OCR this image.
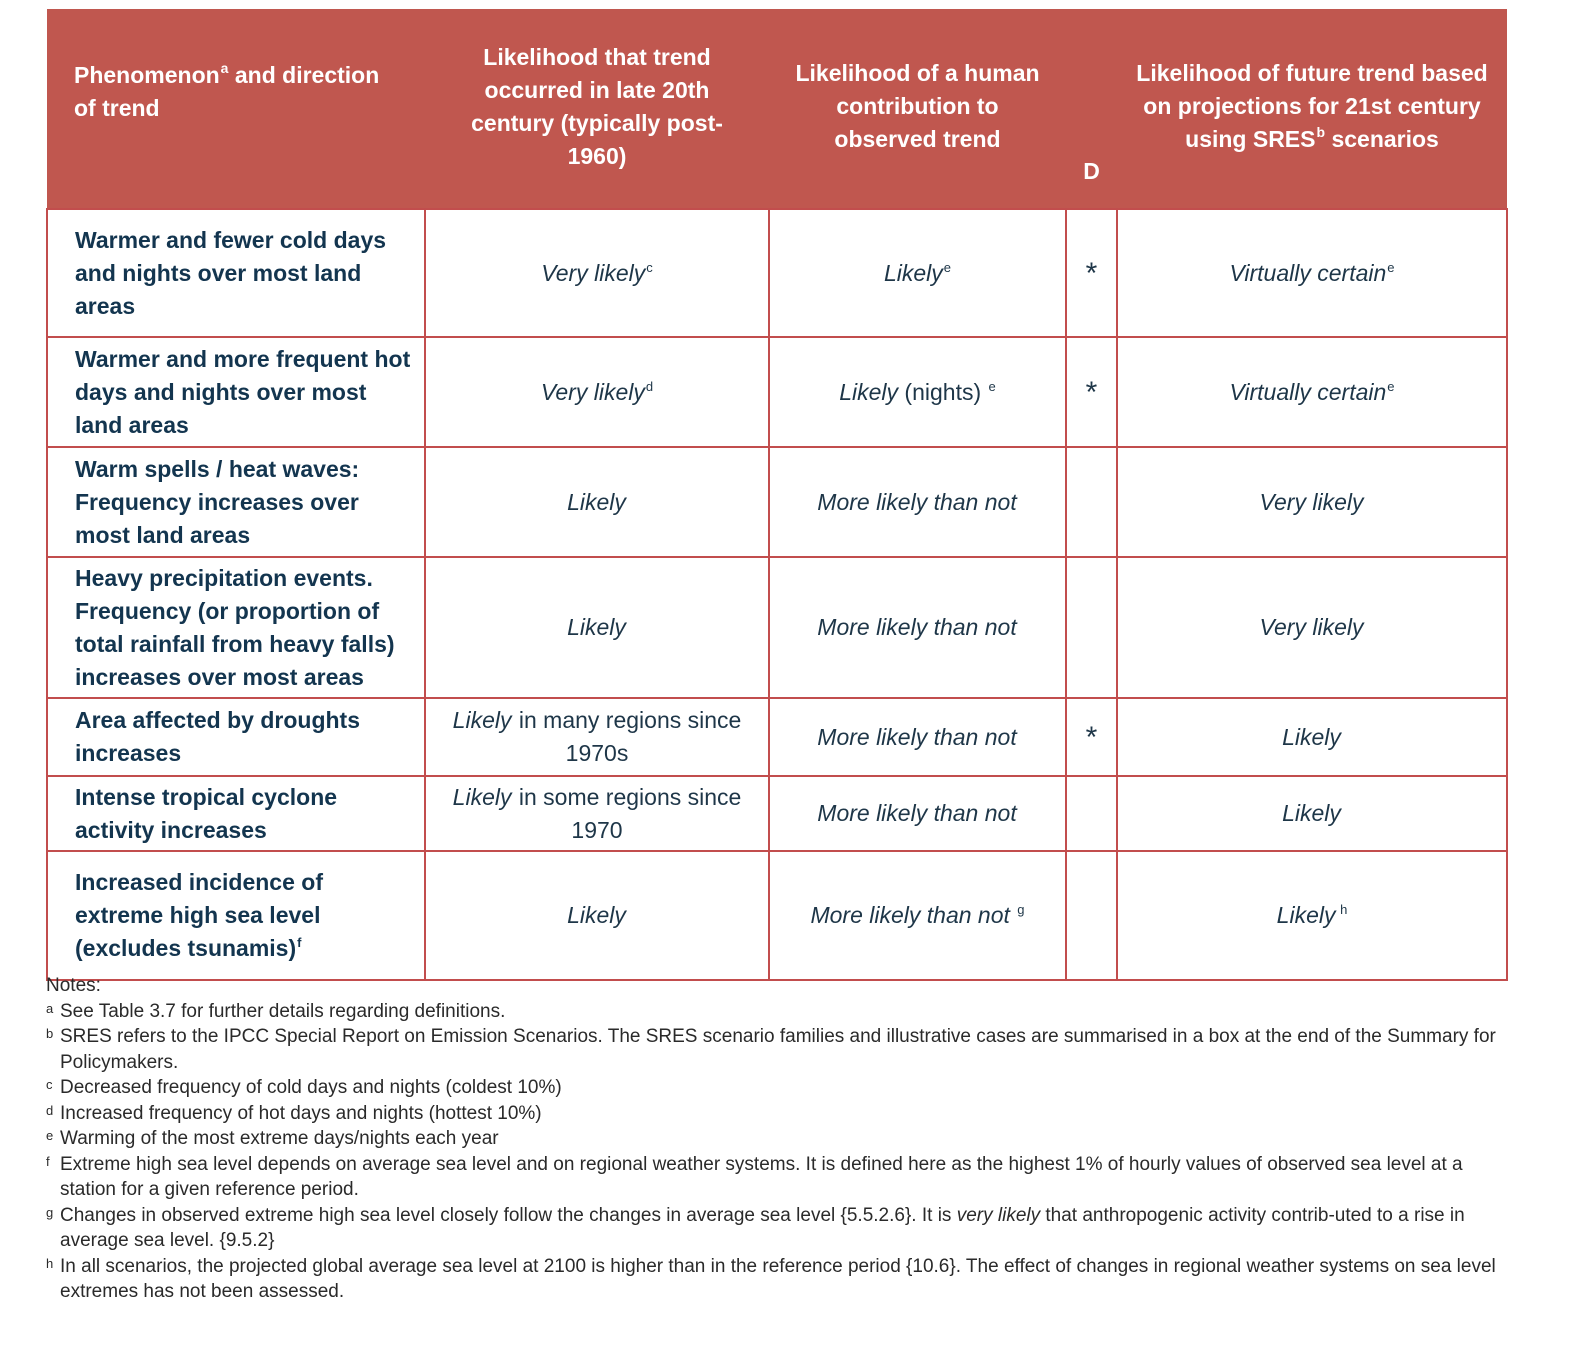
Phenomenon$^a$ and direction of trend	Likelihood that trend occurred in late 20th century (typically post-1960)	Likelihood of a human contribution to observed trend	D	Likelihood of future trend based on projections for 21st century using SRES$^b$ scenarios

Warmer and fewer cold days and nights over most land areas	Very likely$^c$	Likely$^e$	*	Virtually certain$^e$
Warmer and more frequent hot days and nights over most land areas	Very likely$^d$	Likely (nights) $^e$	*	Virtually certain$^e$
Warm spells / heat waves: Frequency increases over most land areas	Likely	More likely than not		Very likely
Heavy precipitation events. Frequency (or proportion of total rainfall from heavy falls) increases over most areas	Likely	More likely than not		Very likely
Area affected by droughts increases	Likely in many regions since 1970s	More likely than not	*	Likely
Intense tropical cyclone activity increases	Likely in some regions since 1970	More likely than not		Likely
Increased incidence of extreme high sea level (excludes tsunamis)$^f$	Likely	More likely than not $^g$		Likely $^h$
Notes:
a See Table 3.7 for further details regarding definitions.
b SRES refers to the IPCC Special Report on Emission Scenarios. The SRES scenario families and illustrative cases are summarised in a box at the end of the Summary for Policymakers.
c Decreased frequency of cold days and nights (coldest 10%)
d Increased frequency of hot days and nights (hottest 10%)
e Warming of the most extreme days/nights each year
f Extreme high sea level depends on average sea level and on regional weather systems. It is defined here as the highest 1% of hourly values of observed sea level at a station for a given reference period.
g Changes in observed extreme high sea level closely follow the changes in average sea level {5.5.2.6}. It is very likely that anthropogenic activity contrib-uted to a rise in average sea level. {9.5.2}
h In all scenarios, the projected global average sea level at 2100 is higher than in the reference period {10.6}. The effect of changes in regional weather systems on sea level extremes has not been assessed.
